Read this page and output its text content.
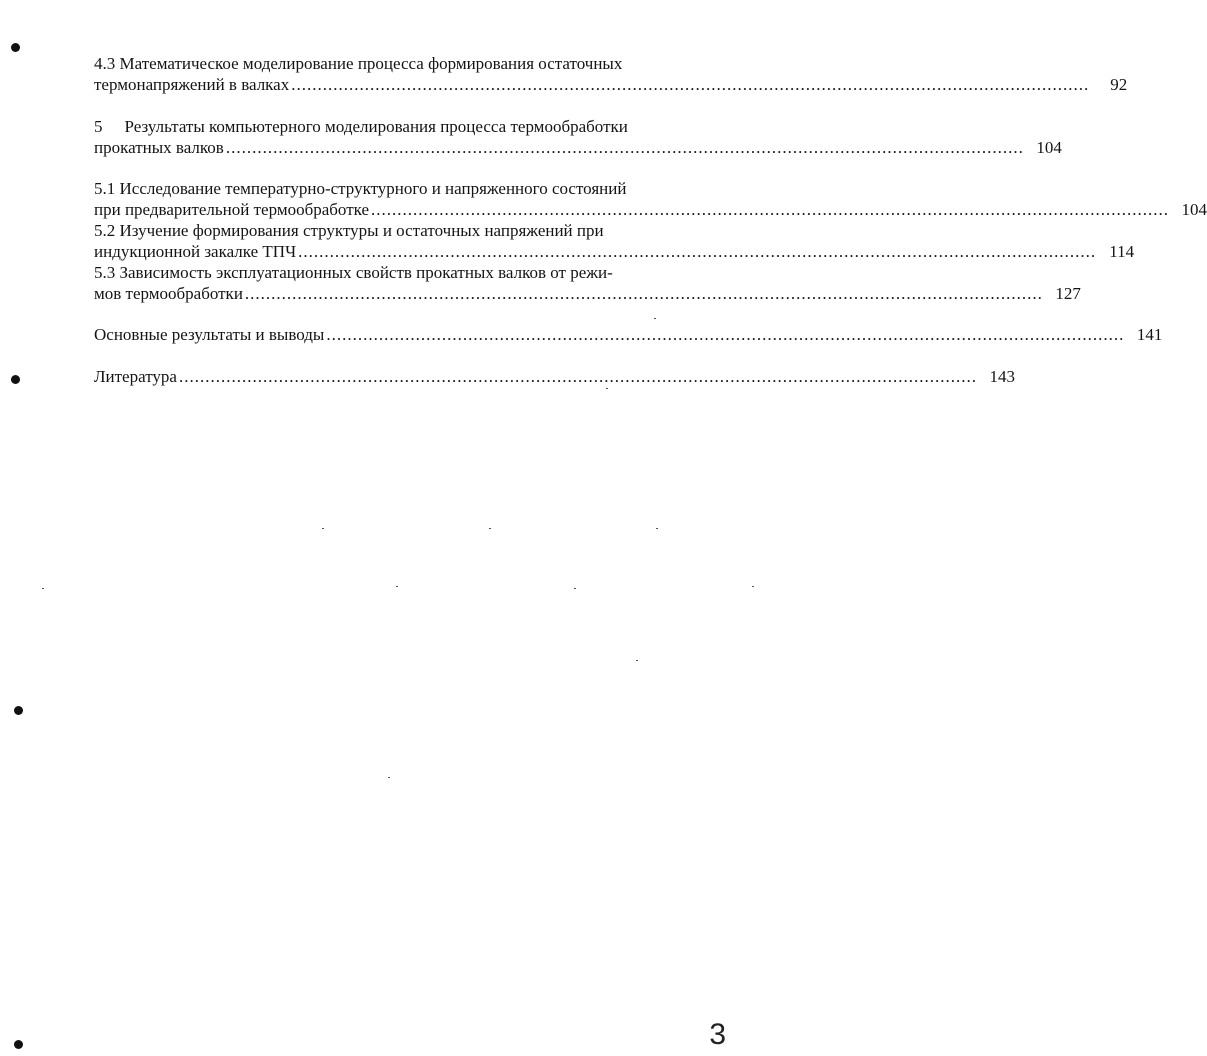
4.3 Математическое моделирование процесса формирования остаточных
термонапряжений в валках ........................................................................................................................................................	92
5 Результаты компьютерного моделирования процесса термообработки
прокатных валков ........................................................................................................................................................ 104
5.1 Исследование температурно-структурного и напряженного состояний
при предварительной термообработке ........................................................................................................................................................ 104
5.2 Изучение формирования структуры и остаточных напряжений при
индукционной закалке ТПЧ ........................................................................................................................................................ 114
5.3 Зависимость эксплуатационных свойств прокатных валков от режи-
мов термообработки ........................................................................................................................................................ 127
Основные результаты и выводы ........................................................................................................................................................ 141
Литература ........................................................................................................................................................ 143
3
